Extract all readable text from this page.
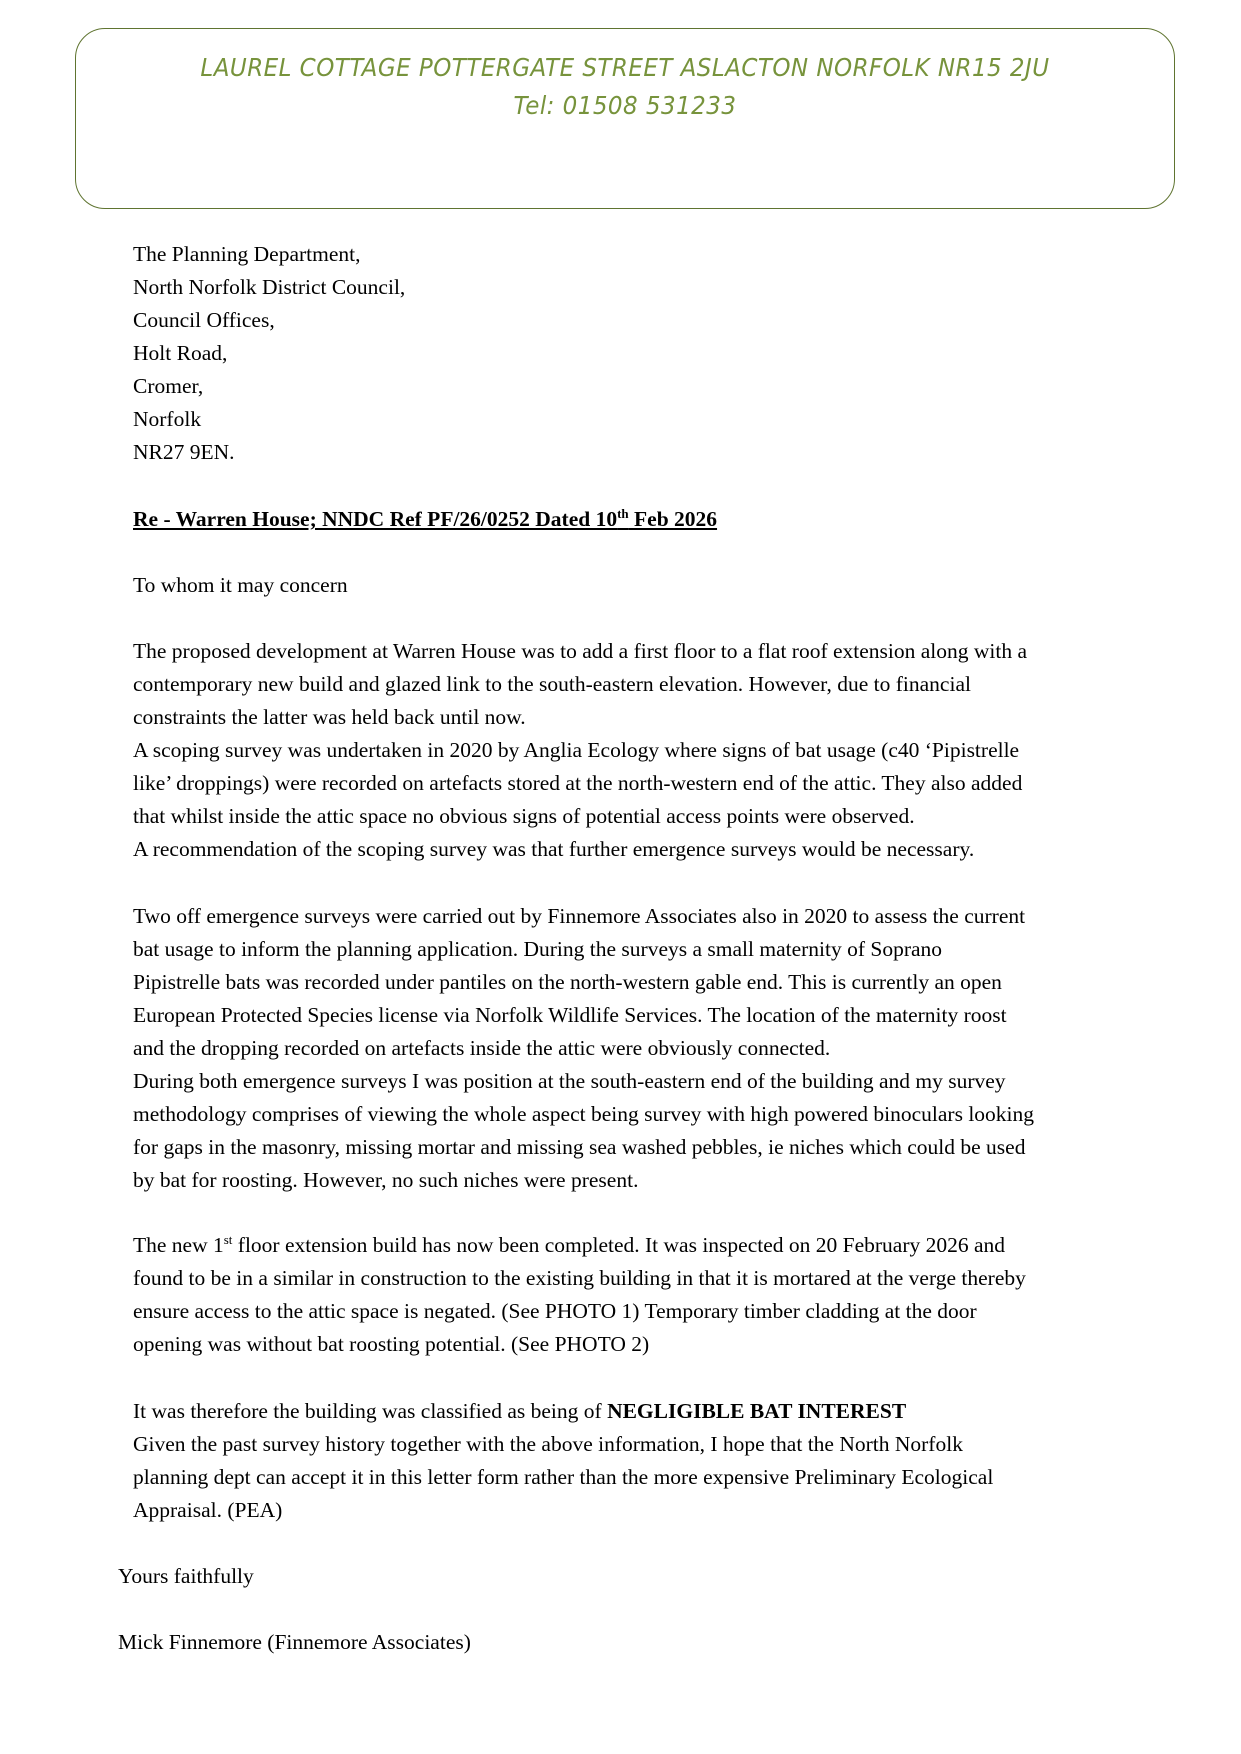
LAUREL COTTAGE POTTERGATE STREET ASLACTON NORFOLK NR15 2JU
Tel: 01508 531233
The Planning Department,
North Norfolk District Council,
Council Offices,
Holt Road,
Cromer,
Norfolk
NR27 9EN.
Re - Warren House; NNDC Ref PF/26/0252 Dated 10th Feb 2026
To whom it may concern
The proposed development at Warren House was to add a first floor to a flat roof extension along with a
contemporary new build and glazed link to the south-eastern elevation. However, due to financial
constraints the latter was held back until now.
A scoping survey was undertaken in 2020 by Anglia Ecology where signs of bat usage (c40 ‘Pipistrelle
like’ droppings) were recorded on artefacts stored at the north-western end of the attic. They also added
that whilst inside the attic space no obvious signs of potential access points were observed.
A recommendation of the scoping survey was that further emergence surveys would be necessary.
Two off emergence surveys were carried out by Finnemore Associates also in 2020 to assess the current
bat usage to inform the planning application. During the surveys a small maternity of Soprano
Pipistrelle bats was recorded under pantiles on the north-western gable end. This is currently an open
European Protected Species license via Norfolk Wildlife Services. The location of the maternity roost
and the dropping recorded on artefacts inside the attic were obviously connected.
During both emergence surveys I was position at the south-eastern end of the building and my survey
methodology comprises of viewing the whole aspect being survey with high powered binoculars looking
for gaps in the masonry, missing mortar and missing sea washed pebbles, ie niches which could be used
by bat for roosting. However, no such niches were present.
The new 1st floor extension build has now been completed. It was inspected on 20 February 2026 and
found to be in a similar in construction to the existing building in that it is mortared at the verge thereby
ensure access to the attic space is negated. (See PHOTO 1) Temporary timber cladding at the door
opening was without bat roosting potential. (See PHOTO 2)
It was therefore the building was classified as being of NEGLIGIBLE BAT INTEREST
Given the past survey history together with the above information, I hope that the North Norfolk
planning dept can accept it in this letter form rather than the more expensive Preliminary Ecological
Appraisal. (PEA)
Yours faithfully
Mick Finnemore (Finnemore Associates)
